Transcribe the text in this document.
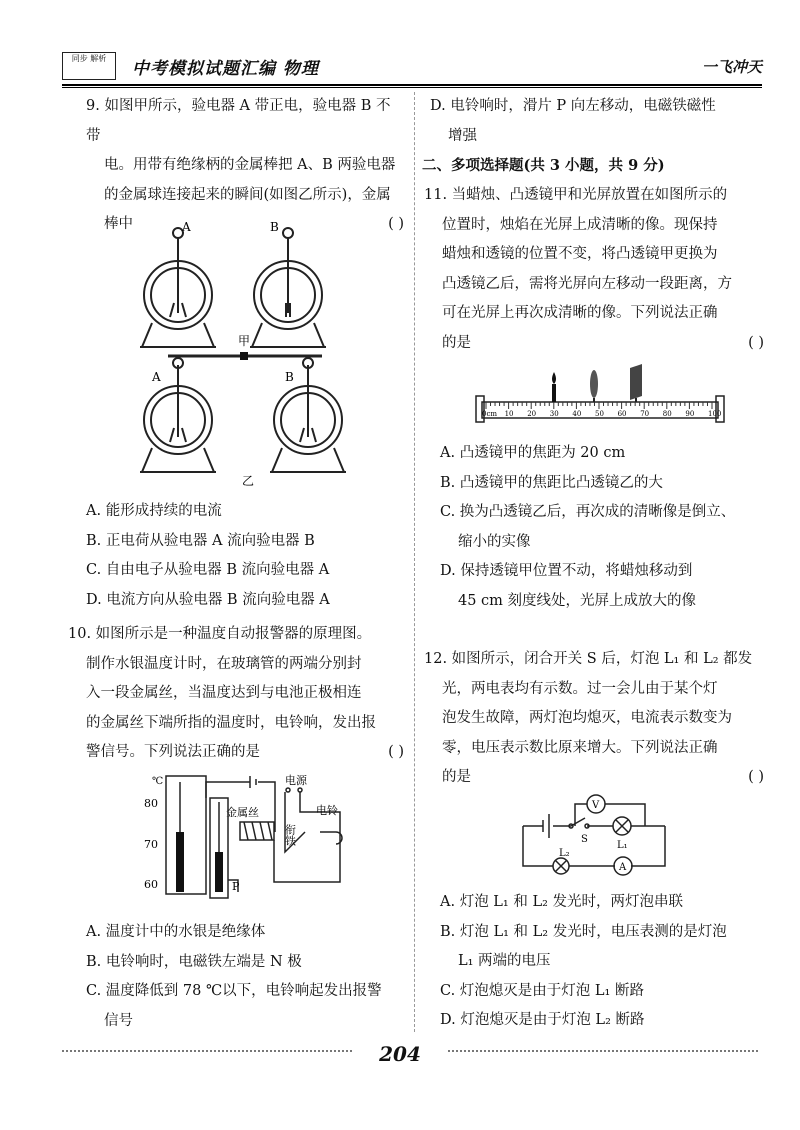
同步 解析
中考模拟试题汇编 物理	一飞冲天

9. 如图甲所示，验电器 A 带正电，验电器 B 不带

电。用带有绝缘柄的金属棒把 A、B 两验电器

的金属球连接起来的瞬间(如图乙所示)，金属

棒中	( )

A	B
甲
A	B
乙

A. 能形成持续的电流

B. 正电荷从验电器 A 流向验电器 B

C. 自由电子从验电器 B 流向验电器 A

D. 电流方向从验电器 B 流向验电器 A

10. 如图所示是一种温度自动报警器的原理图。

制作水银温度计时，在玻璃管的两端分别封

入一段金属丝，当温度达到与电池正极相连

的金属丝下端所指的温度时，电铃响，发出报

警信号。下列说法正确的是	( )

℃
80
70
60
金属丝
电源
衔铁
电铃
P

A. 温度计中的水银是绝缘体

B. 电铃响时，电磁铁左端是 N 极

C. 温度降低到 78 ℃以下，电铃响起发出报警

信号

D. 电铃响时，滑片 P 向左移动，电磁铁磁性

增强

二、多项选择题(共 3 小题，共 9 分)

11. 当蜡烛、凸透镜甲和光屏放置在如图所示的

位置时，烛焰在光屏上成清晰的像。现保持

蜡烛和透镜的位置不变，将凸透镜甲更换为

凸透镜乙后，需将光屏向左移动一段距离，方

可在光屏上再次成清晰的像。下列说法正确

的是	( )

0cm 10 20 30 40 50 60 70 80 90 100

A. 凸透镜甲的焦距为 20 cm

B. 凸透镜甲的焦距比凸透镜乙的大

C. 换为凸透镜乙后，再次成的清晰像是倒立、

缩小的实像

D. 保持透镜甲位置不动，将蜡烛移动到

45 cm 刻度线处，光屏上成放大的像

12. 如图所示，闭合开关 S 后，灯泡 L₁ 和 L₂ 都发

光，两电表均有示数。过一会儿由于某个灯

泡发生故障，两灯泡均熄灭，电流表示数变为

零，电压表示数比原来增大。下列说法正确

的是	( )

V
A
S
L₁
L₂

A. 灯泡 L₁ 和 L₂ 发光时，两灯泡串联

B. 灯泡 L₁ 和 L₂ 发光时，电压表测的是灯泡

L₁ 两端的电压

C. 灯泡熄灭是由于灯泡 L₁ 断路

D. 灯泡熄灭是由于灯泡 L₂ 断路

204
